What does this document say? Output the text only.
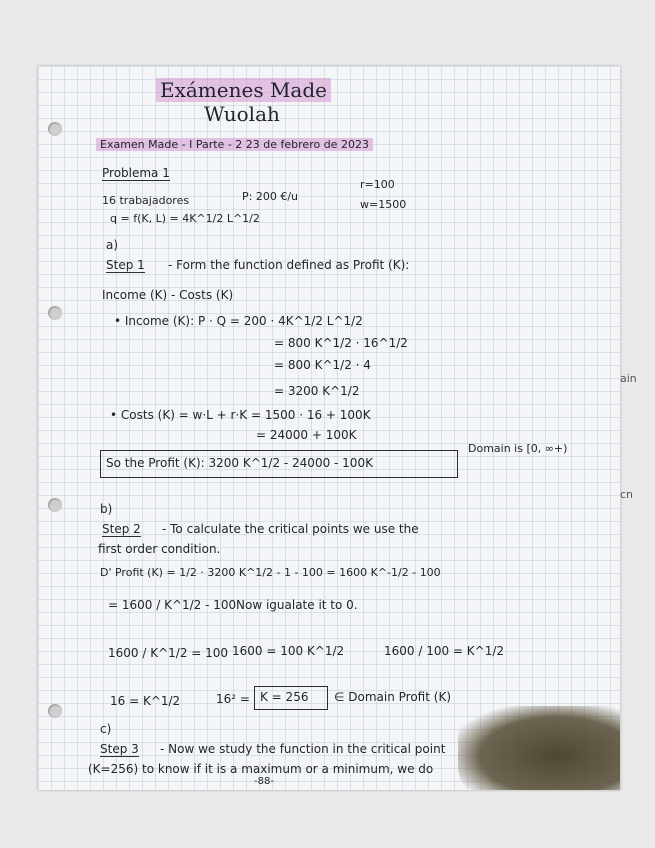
ain
cn
Exámenes Made
Wuolah
Examen Made - I Parte - 2 23 de febrero de 2023
Problema 1
16 trabajadores	P: 200 €/u
r=100
w=1500
q = f(K, L) = 4K^1/2 L^1/2
a)
Step 1 - Form the function defined as Profit (K):
Income (K) - Costs (K)
• Income (K): P · Q = 200 · 4K^1/2 L^1/2
= 800 K^1/2 · 16^1/2
= 800 K^1/2 · 4
= 3200 K^1/2
• Costs (K) = w·L + r·K = 1500 · 16 + 100K
= 24000 + 100K
So the Profit (K): 3200 K^1/2 - 24000 - 100K
Domain is [0, ∞+)
b)
Step 2 - To calculate the critical points we use the
first order condition.
D' Profit (K) = 1/2 · 3200 K^1/2 - 1 - 100 = 1600 K^-1/2 - 100
= 1600 / K^1/2 - 100 Now igualate it to 0.
1600 / K^1/2 = 100 1600 = 100 K^1/2	1600 / 100 = K^1/2
16 = K^1/2	16² = K = 256 ∈ Domain Profit (K)
c)
Step 3 - Now we study the function in the critical point
(K=256) to know if it is a maximum or a minimum, we do
-88-
